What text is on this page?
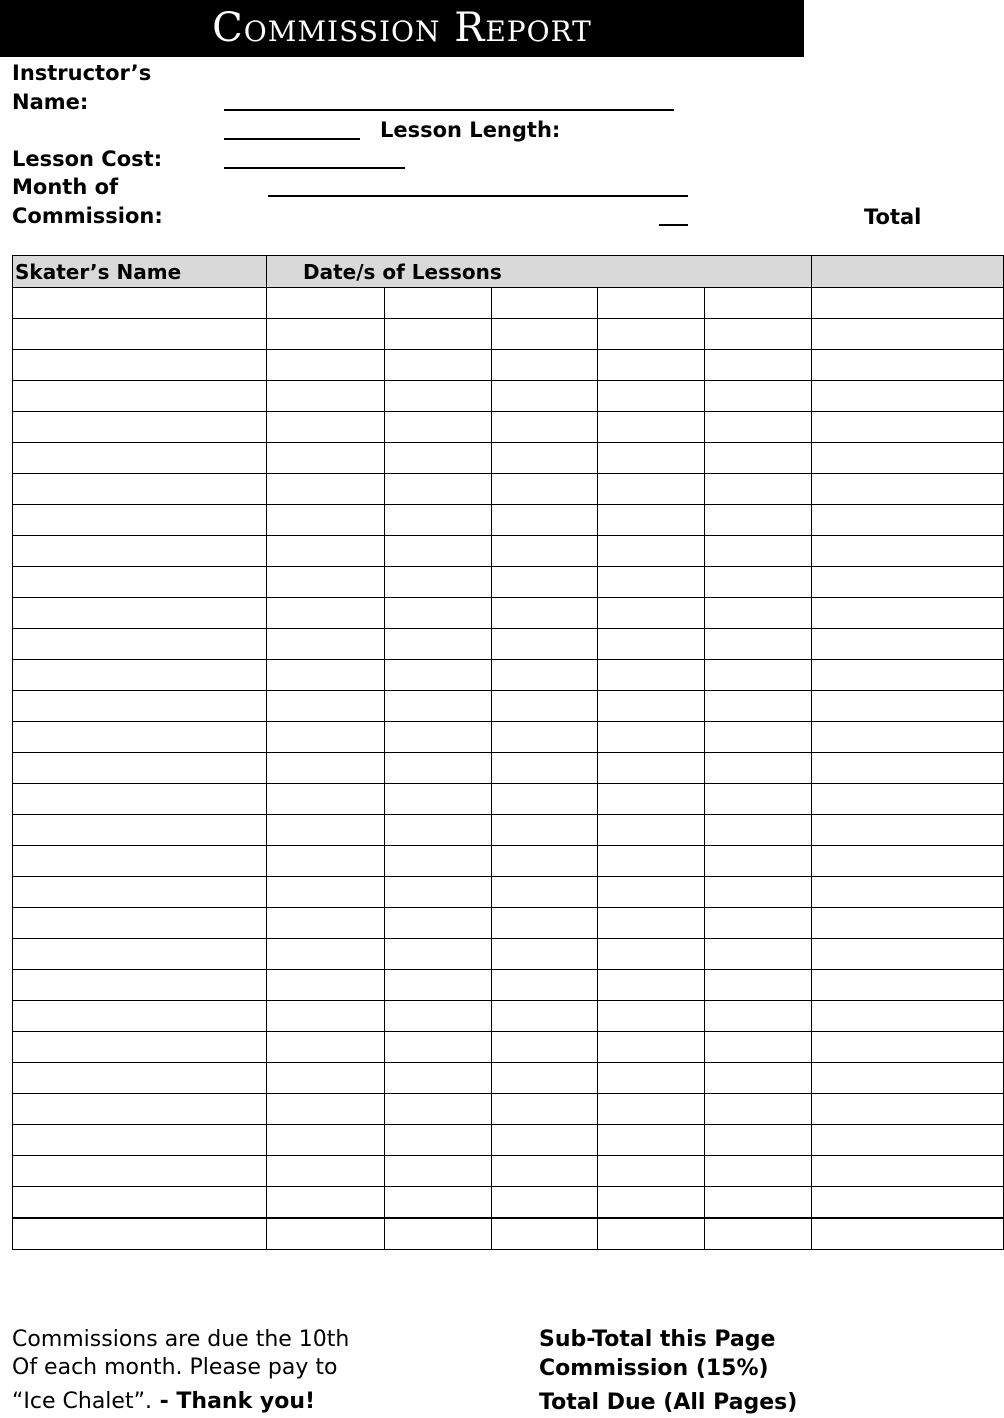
Commission Report
Instructor’s
Name:
Lesson Length:
Lesson Cost:
Month of
Commission:	Total
Skater’s Name	Date/s of Lessons					

Commissions are due the 10th
Of each month. Please pay to
“Ice Chalet”. - Thank you!
Sub-Total this Page
Commission (15%)
Total Due (All Pages)
